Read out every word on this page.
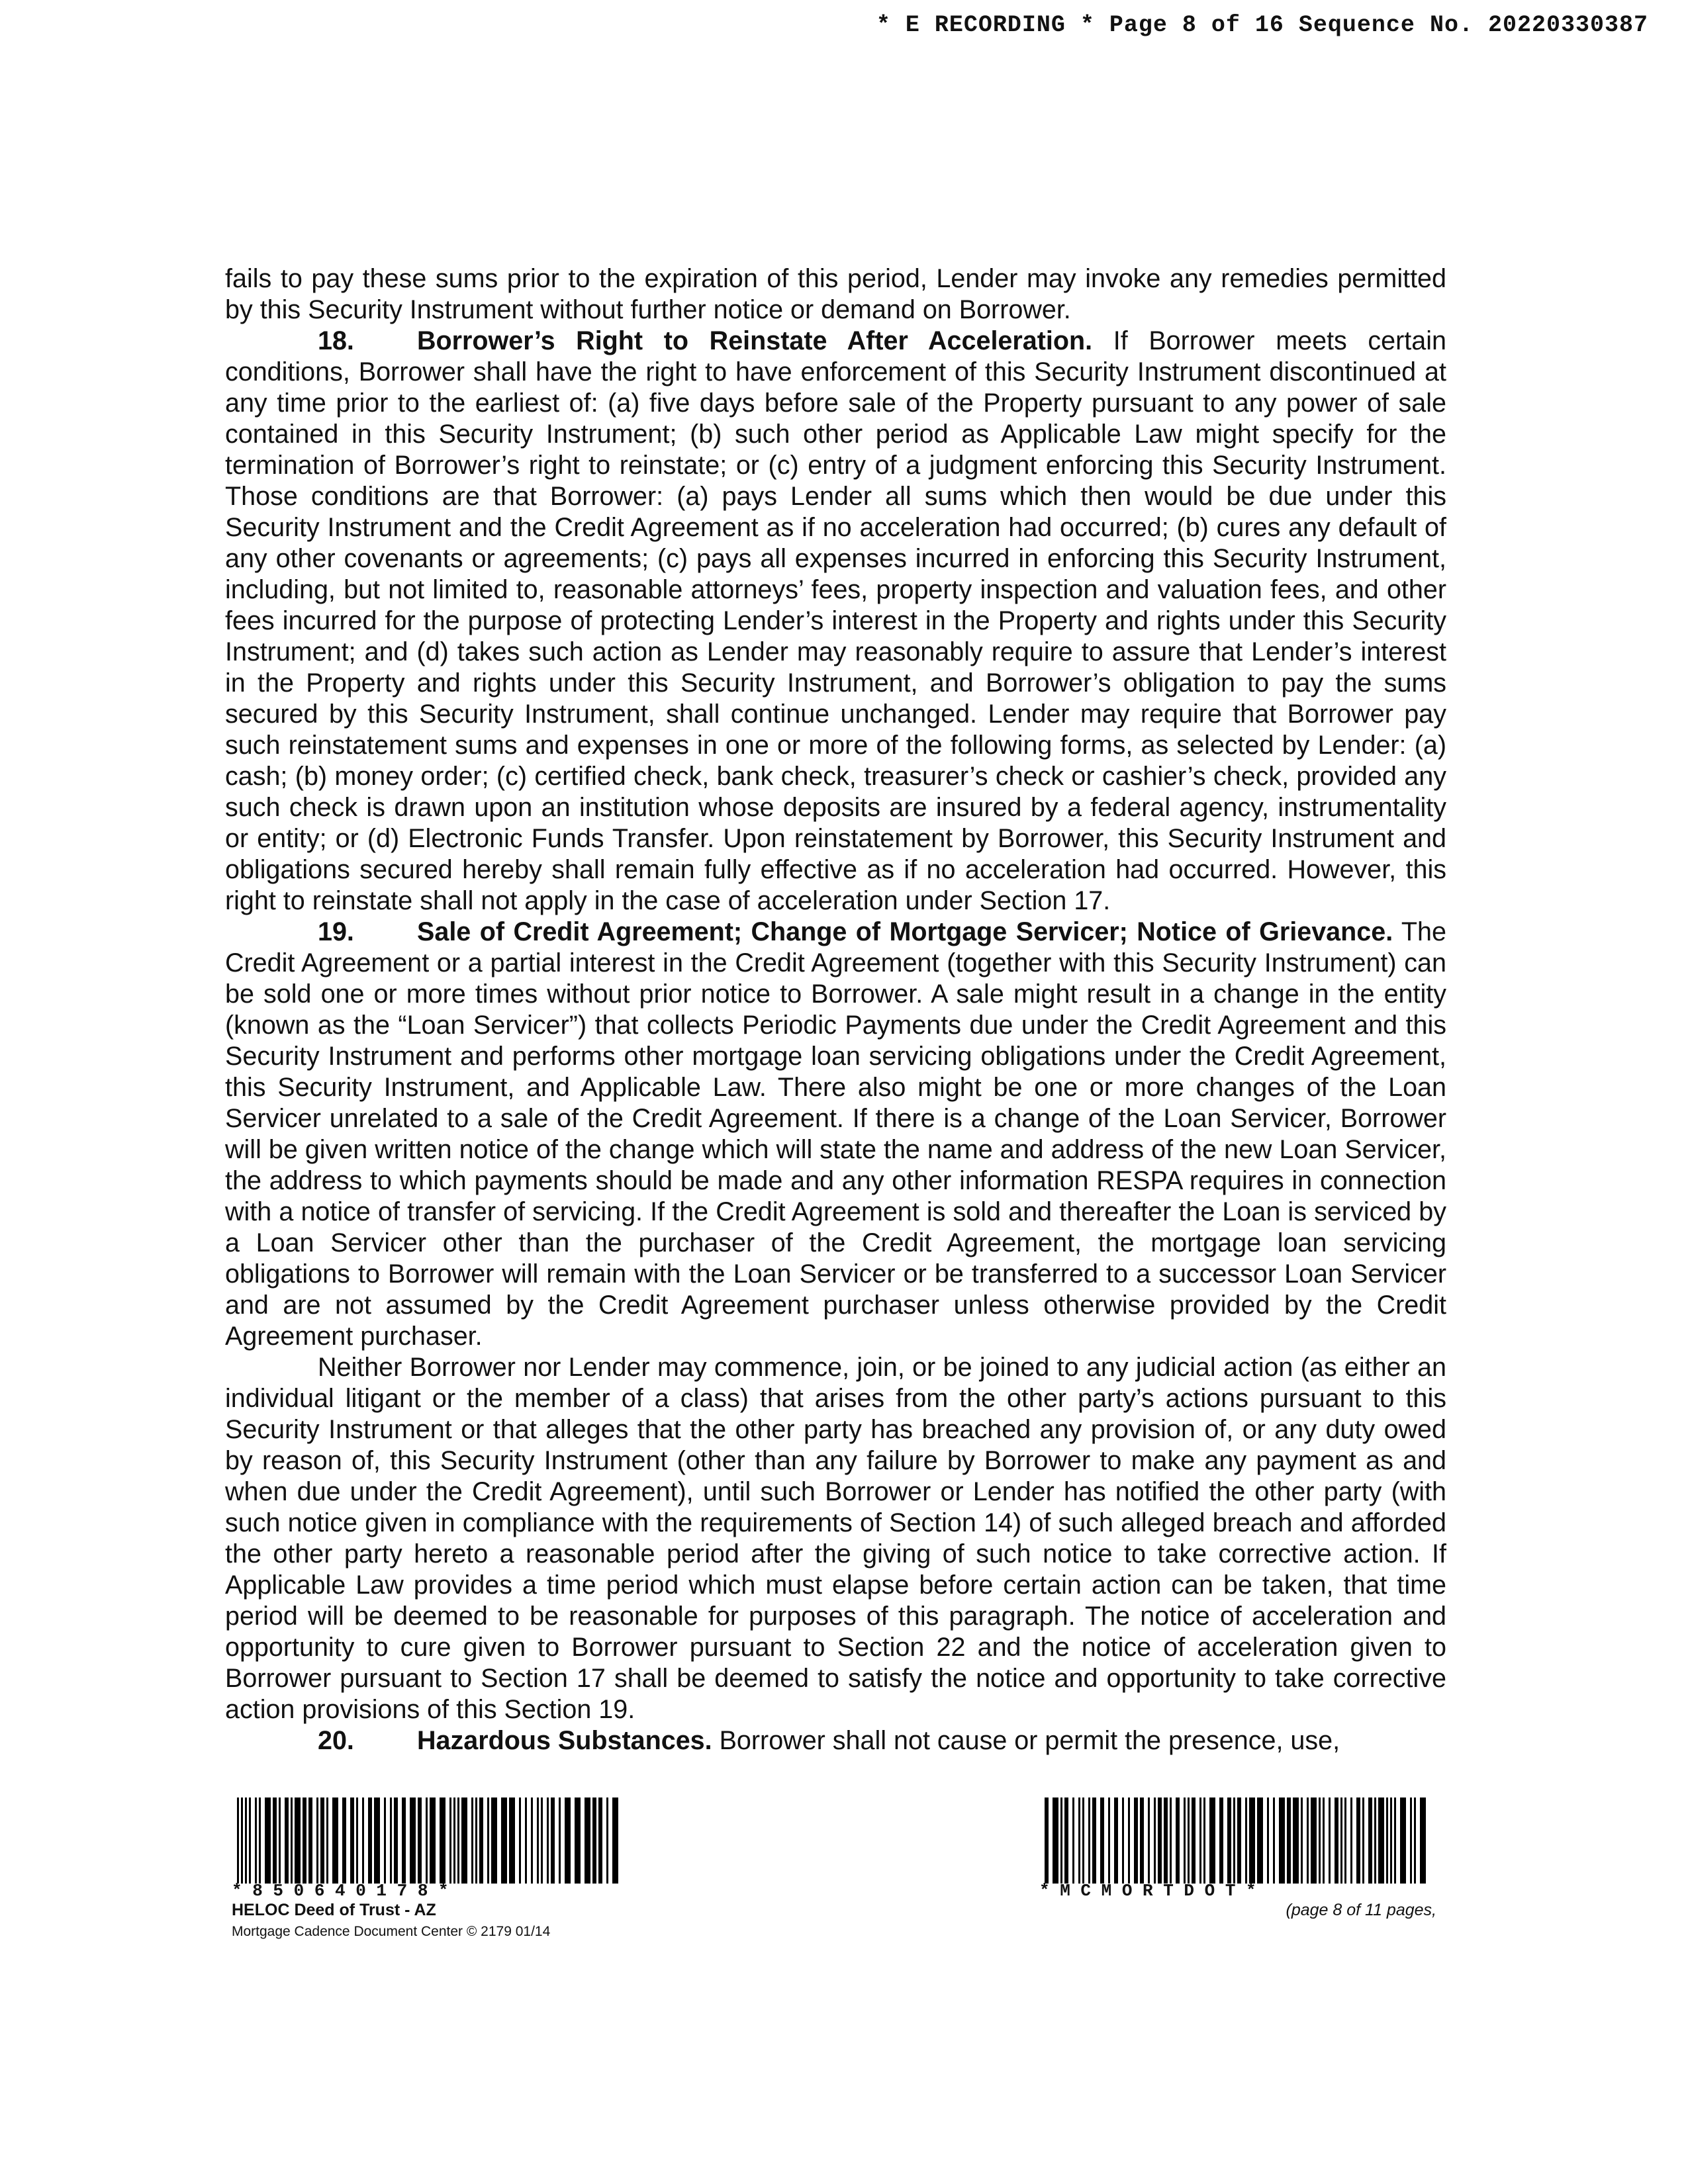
* E RECORDING * Page 8 of 16 Sequence No. 20220330387

fails to pay these sums prior to the expiration of this period, Lender may invoke any remedies permitted by this Security Instrument without further notice or demand on Borrower.

18. Borrower’s Right to Reinstate After Acceleration. If Borrower meets certain conditions, Borrower shall have the right to have enforcement of this Security Instrument discontinued at any time prior to the earliest of: (a) five days before sale of the Property pursuant to any power of sale contained in this Security Instrument; (b) such other period as Applicable Law might specify for the termination of Borrower’s right to reinstate; or (c) entry of a judgment enforcing this Security Instrument. Those conditions are that Borrower: (a) pays Lender all sums which then would be due under this Security Instrument and the Credit Agreement as if no acceleration had occurred; (b) cures any default of any other covenants or agreements; (c) pays all expenses incurred in enforcing this Security Instrument, including, but not limited to, reasonable attorneys’ fees, property inspection and valuation fees, and other fees incurred for the purpose of protecting Lender’s interest in the Property and rights under this Security Instrument; and (d) takes such action as Lender may reasonably require to assure that Lender’s interest in the Property and rights under this Security Instrument, and Borrower’s obligation to pay the sums secured by this Security Instrument, shall continue unchanged. Lender may require that Borrower pay such reinstatement sums and expenses in one or more of the following forms, as selected by Lender: (a) cash; (b) money order; (c) certified check, bank check, treasurer’s check or cashier’s check, provided any such check is drawn upon an institution whose deposits are insured by a federal agency, instrumentality or entity; or (d) Electronic Funds Transfer. Upon reinstatement by Borrower, this Security Instrument and obligations secured hereby shall remain fully effective as if no acceleration had occurred. However, this right to reinstate shall not apply in the case of acceleration under Section 17.

19. Sale of Credit Agreement; Change of Mortgage Servicer; Notice of Grievance. The Credit Agreement or a partial interest in the Credit Agreement (together with this Security Instrument) can be sold one or more times without prior notice to Borrower. A sale might result in a change in the entity (known as the “Loan Servicer”) that collects Periodic Payments due under the Credit Agreement and this Security Instrument and performs other mortgage loan servicing obligations under the Credit Agreement, this Security Instrument, and Applicable Law. There also might be one or more changes of the Loan Servicer unrelated to a sale of the Credit Agreement. If there is a change of the Loan Servicer, Borrower will be given written notice of the change which will state the name and address of the new Loan Servicer, the address to which payments should be made and any other information RESPA requires in connection with a notice of transfer of servicing. If the Credit Agreement is sold and thereafter the Loan is serviced by a Loan Servicer other than the purchaser of the Credit Agreement, the mortgage loan servicing obligations to Borrower will remain with the Loan Servicer or be transferred to a successor Loan Servicer and are not assumed by the Credit Agreement purchaser unless otherwise provided by the Credit Agreement purchaser.

Neither Borrower nor Lender may commence, join, or be joined to any judicial action (as either an individual litigant or the member of a class) that arises from the other party’s actions pursuant to this Security Instrument or that alleges that the other party has breached any provision of, or any duty owed by reason of, this Security Instrument (other than any failure by Borrower to make any payment as and when due under the Credit Agreement), until such Borrower or Lender has notified the other party (with such notice given in compliance with the requirements of Section 14) of such alleged breach and afforded the other party hereto a reasonable period after the giving of such notice to take corrective action. If Applicable Law provides a time period which must elapse before certain action can be taken, that time period will be deemed to be reasonable for purposes of this paragraph. The notice of acceleration and opportunity to cure given to Borrower pursuant to Section 22 and the notice of acceleration given to Borrower pursuant to Section 17 shall be deemed to satisfy the notice and opportunity to take corrective action provisions of this Section 19.

20. Hazardous Substances. Borrower shall not cause or permit the presence, use,

* 8 5 0 6 4 0 1 7 8 *
HELOC Deed of Trust - AZ
Mortgage Cadence Document Center © 2179 01/14
* M C M O R T D O T *
(page 8 of 11 pages,
